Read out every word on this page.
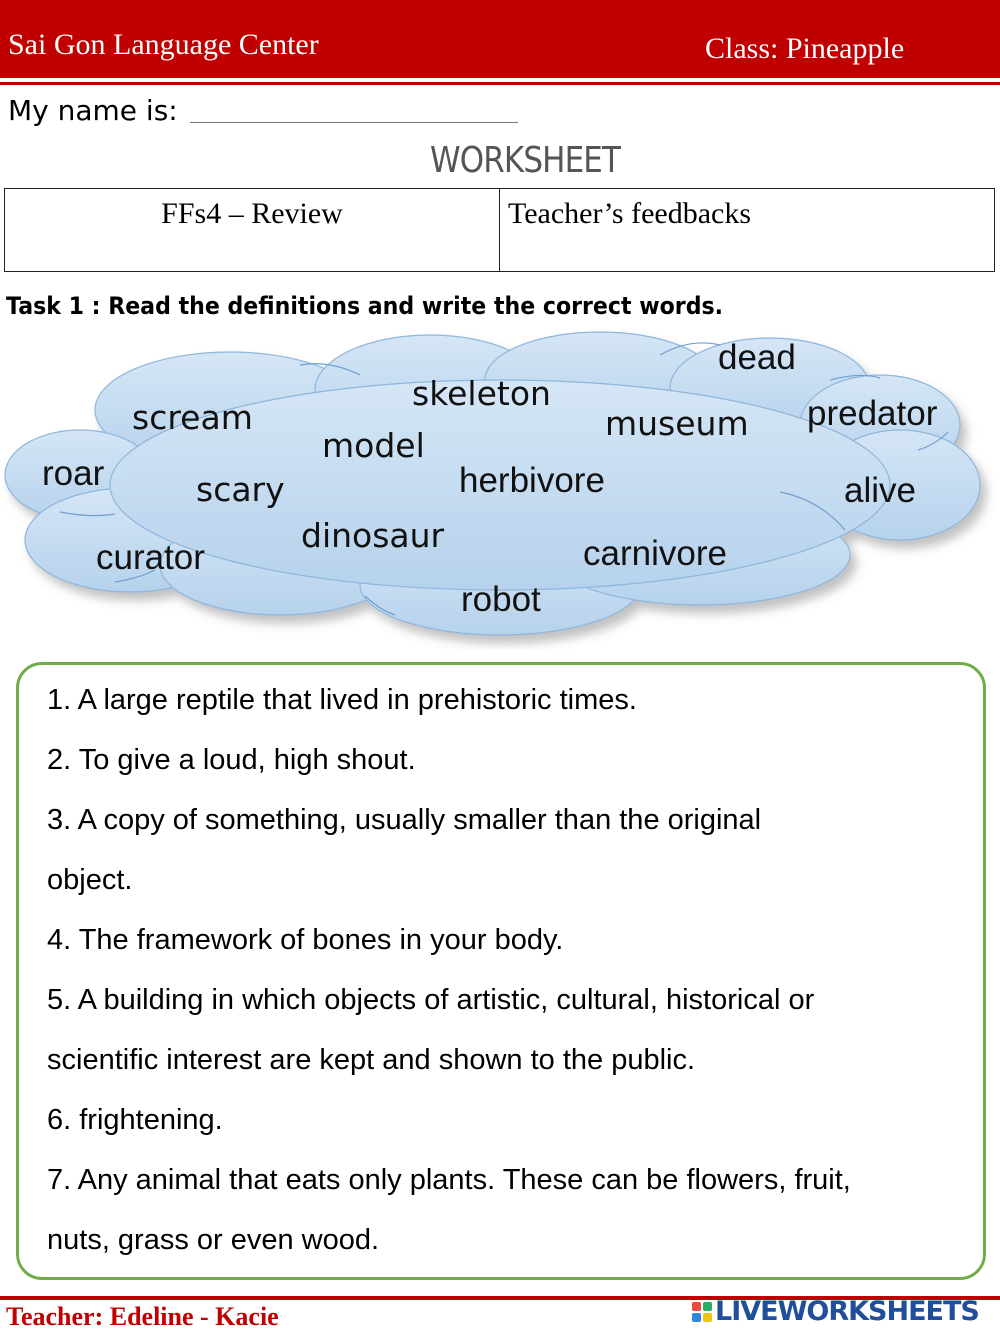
Sai Gon Language Center	Class: Pineapple
My name is:
WORKSHEET
FFs4 – Review	Teacher’s feedbacks
Task 1 : Read the definitions and write the correct words.
dead
skeleton
scream	museum predator
model
roar	scary	herbivore	alive
dinosaur
curator	carnivore
robot
1. A large reptile that lived in prehistoric times.
2. To give a loud, high shout.
3. A copy of something, usually smaller than the original
object.
4. The framework of bones in your body.
5. A building in which objects of artistic, cultural, historical or
scientific interest are kept and shown to the public.
6. frightening.
7. Any animal that eats only plants. These can be flowers, fruit,
nuts, grass or even wood.
Teacher: Edeline - Kacie	LIVEWORKSHEETS
